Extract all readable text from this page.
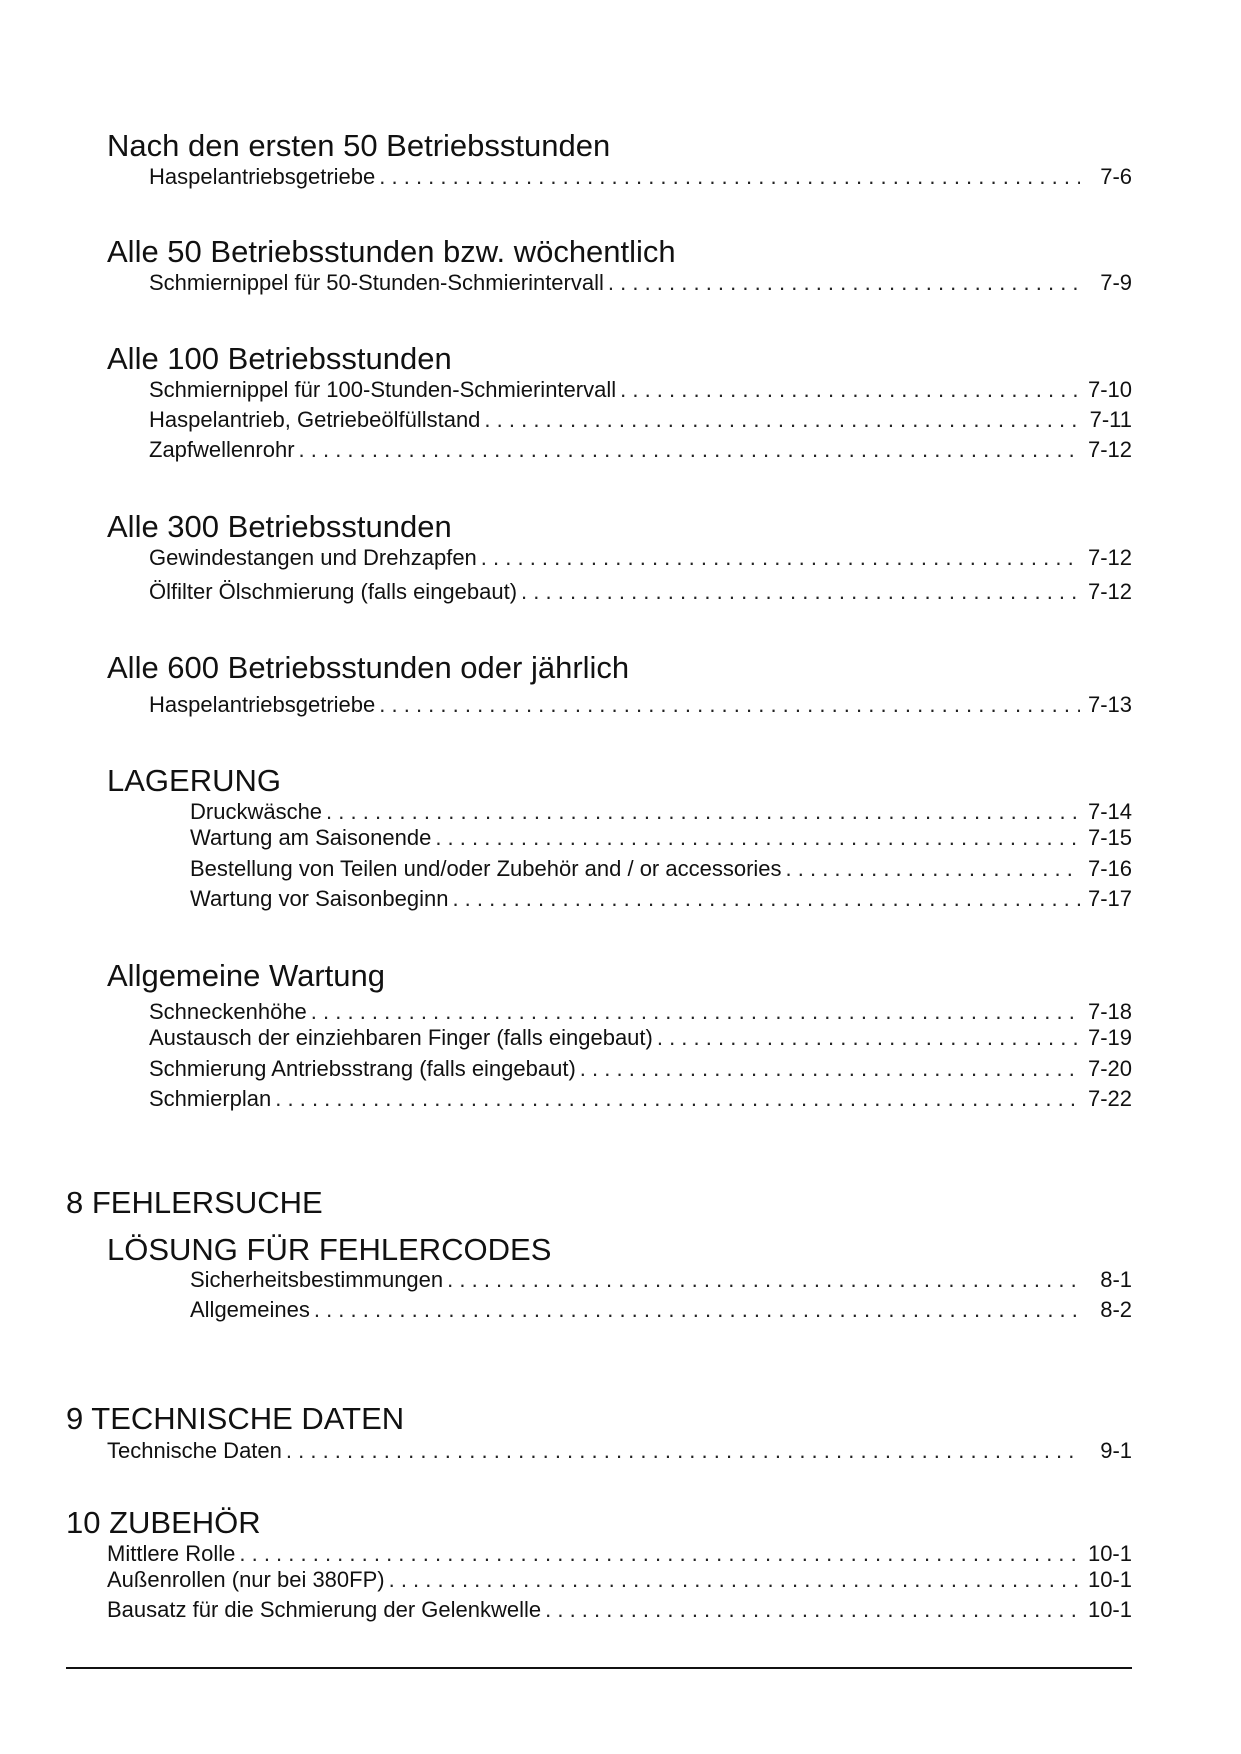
Nach den ersten 50 Betriebsstunden
Haspelantriebsgetriebe . . .	7-6
Alle 50 Betriebsstunden bzw. wöchentlich
Schmiernippel für 50-Stunden-Schmierintervall . . .	7-9
Alle 100 Betriebsstunden
Schmiernippel für 100-Stunden-Schmierintervall . . .	7-10
Haspelantrieb, Getriebeölfüllstand . . .	7-11
Zapfwellenrohr . . .	7-12
Alle 300 Betriebsstunden
Gewindestangen und Drehzapfen . . .	7-12
Ölfilter Ölschmierung (falls eingebaut) . . .	7-12
Alle 600 Betriebsstunden oder jährlich
Haspelantriebsgetriebe . . .	7-13
LAGERUNG
Druckwäsche . . .	7-14
Wartung am Saisonende . . .	7-15
Bestellung von Teilen und/oder Zubehör and / or accessories . . .	7-16
Wartung vor Saisonbeginn . . .	7-17
Allgemeine Wartung
Schneckenhöhe . . .	7-18
Austausch der einziehbaren Finger (falls eingebaut) . . .	7-19
Schmierung Antriebsstrang (falls eingebaut) . . .	7-20
Schmierplan . . .	7-22
8 FEHLERSUCHE
LÖSUNG FÜR FEHLERCODES
Sicherheitsbestimmungen . . .	8-1
Allgemeines . . .	8-2
9 TECHNISCHE DATEN
Technische Daten . . .	9-1
10 ZUBEHÖR
Mittlere Rolle . . .	10-1
Außenrollen (nur bei 380FP) . . .	10-1
Bausatz für die Schmierung der Gelenkwelle . . .	10-1
